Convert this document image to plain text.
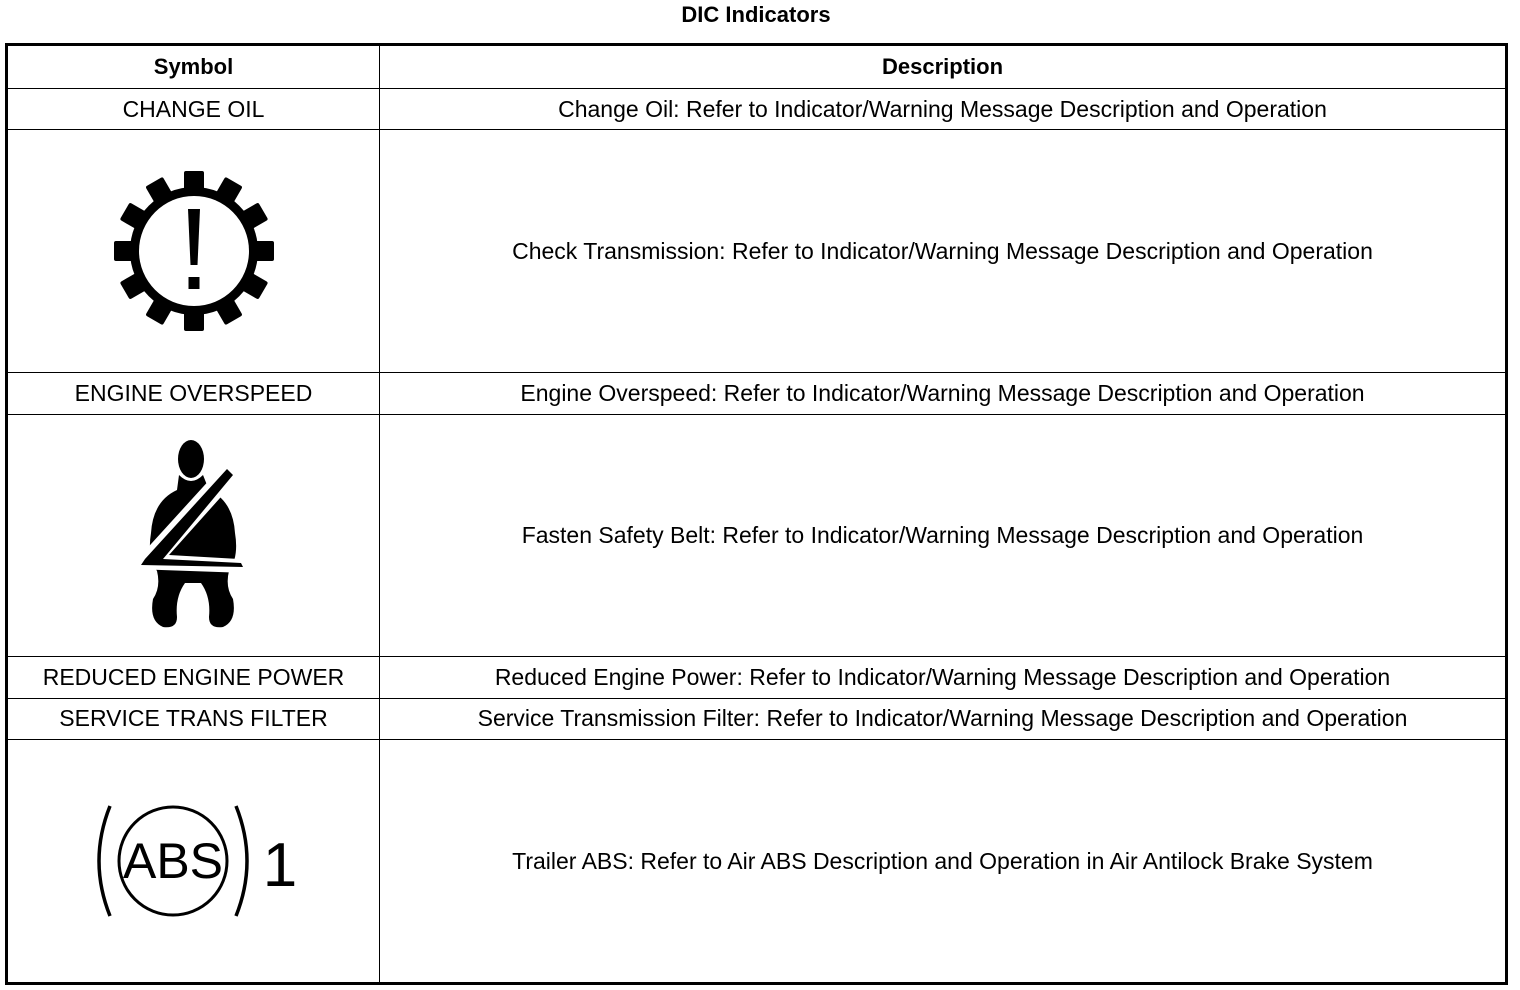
DIC Indicators
Symbol	Description
CHANGE OIL	Change Oil: Refer to Indicator/Warning Message Description and Operation

	Check Transmission: Refer to Indicator/Warning Message Description and Operation
ENGINE OVERSPEED	Engine Overspeed: Refer to Indicator/Warning Message Description and Operation

	Fasten Safety Belt: Refer to Indicator/Warning Message Description and Operation
REDUCED ENGINE POWER	Reduced Engine Power: Refer to Indicator/Warning Message Description and Operation
SERVICE TRANS FILTER	Service Transmission Filter: Refer to Indicator/Warning Message Description and Operation

ABS 1	Trailer ABS: Refer to Air ABS Description and Operation in Air Antilock Brake System
